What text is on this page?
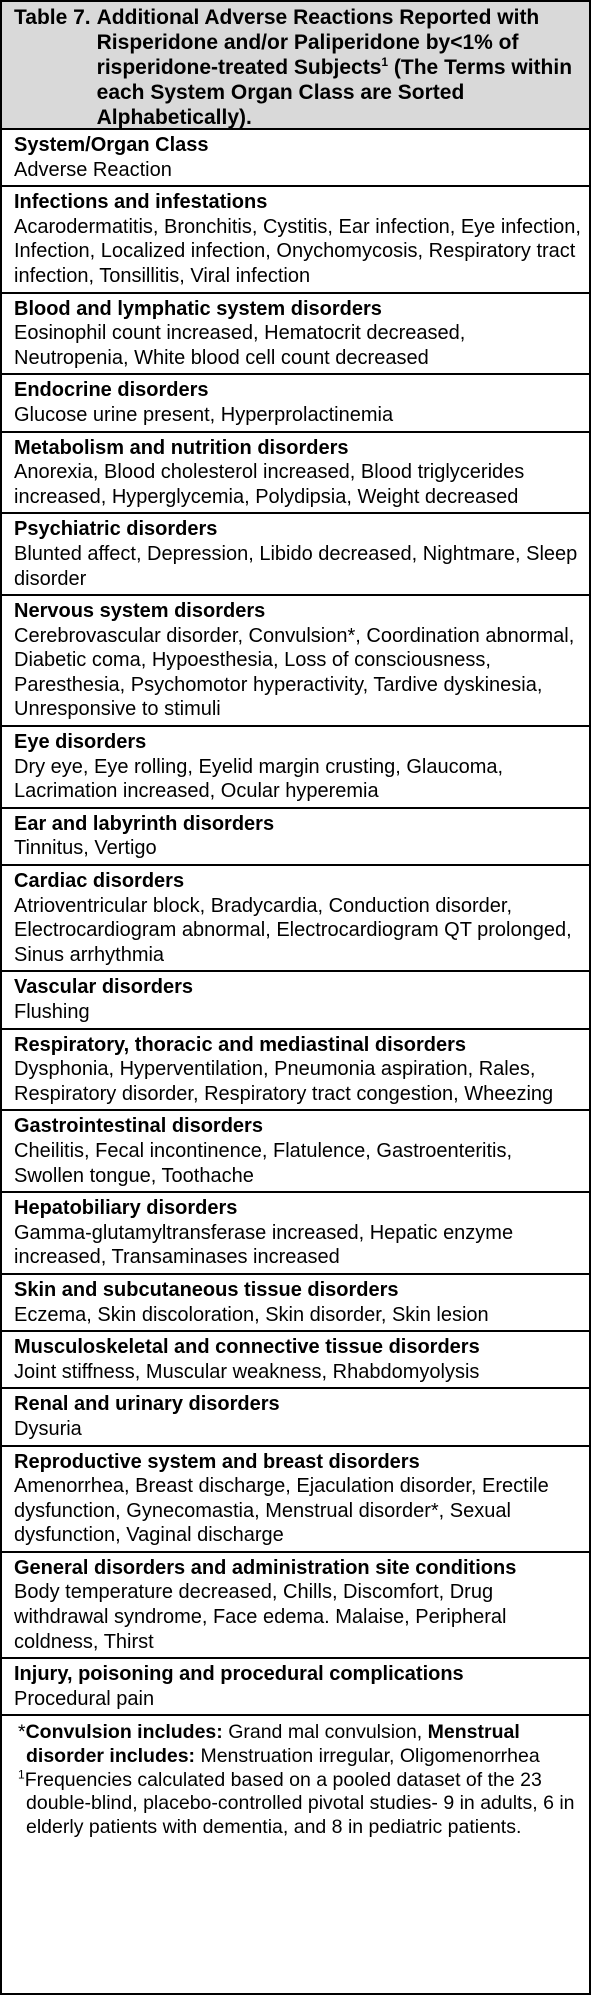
Table 7. Additional Adverse Reactions Reported with Risperidone and/or Paliperidone by<1% of risperidone-treated Subjects$^1$ (The Terms within each System Organ Class are Sorted Alphabetically).
System/Organ Class
Adverse Reaction
Infections and infestations
Acarodermatitis, Bronchitis, Cystitis, Ear infection, Eye infection, Infection, Localized infection, Onychomycosis, Respiratory tract infection, Tonsillitis, Viral infection
Blood and lymphatic system disorders
Eosinophil count increased, Hematocrit decreased, Neutropenia, White blood cell count decreased
Endocrine disorders
Glucose urine present, Hyperprolactinemia
Metabolism and nutrition disorders
Anorexia, Blood cholesterol increased, Blood triglycerides increased, Hyperglycemia, Polydipsia, Weight decreased
Psychiatric disorders
Blunted affect, Depression, Libido decreased, Nightmare, Sleep disorder
Nervous system disorders
Cerebrovascular disorder, Convulsion*, Coordination abnormal, Diabetic coma, Hypoesthesia, Loss of consciousness, Paresthesia, Psychomotor hyperactivity, Tardive dyskinesia, Unresponsive to stimuli
Eye disorders
Dry eye, Eye rolling, Eyelid margin crusting, Glaucoma, Lacrimation increased, Ocular hyperemia
Ear and labyrinth disorders
Tinnitus, Vertigo
Cardiac disorders
Atrioventricular block, Bradycardia, Conduction disorder, Electrocardiogram abnormal, Electrocardiogram QT prolonged, Sinus arrhythmia
Vascular disorders
Flushing
Respiratory, thoracic and mediastinal disorders
Dysphonia, Hyperventilation, Pneumonia aspiration, Rales, Respiratory disorder, Respiratory tract congestion, Wheezing
Gastrointestinal disorders
Cheilitis, Fecal incontinence, Flatulence, Gastroenteritis, Swollen tongue, Toothache
Hepatobiliary disorders
Gamma-glutamyltransferase increased, Hepatic enzyme increased, Transaminases increased
Skin and subcutaneous tissue disorders
Eczema, Skin discoloration, Skin disorder, Skin lesion
Musculoskeletal and connective tissue disorders
Joint stiffness, Muscular weakness, Rhabdomyolysis
Renal and urinary disorders
Dysuria
Reproductive system and breast disorders
Amenorrhea, Breast discharge, Ejaculation disorder, Erectile dysfunction, Gynecomastia, Menstrual disorder*, Sexual dysfunction, Vaginal discharge
General disorders and administration site conditions
Body temperature decreased, Chills, Discomfort, Drug withdrawal syndrome, Face edema. Malaise, Peripheral coldness, Thirst
Injury, poisoning and procedural complications
Procedural pain
*Convulsion includes: Grand mal convulsion, Menstrual disorder includes: Menstruation irregular, Oligomenorrhea
$^1$Frequencies calculated based on a pooled dataset of the 23 double-blind, placebo-controlled pivotal studies- 9 in adults, 6 in elderly patients with dementia, and 8 in pediatric patients.
